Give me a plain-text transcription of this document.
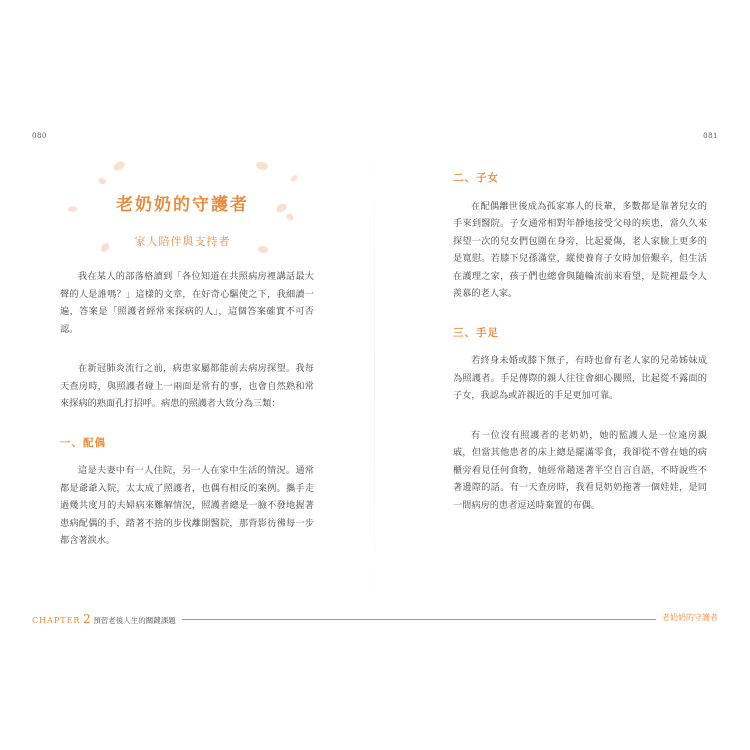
080	081
老奶奶的守護者
家人陪伴與支持者

我在某人的部落格讀到「各位知道在共照病房裡講話最大聲的人是誰嗎？」這樣的文章，在好奇心驅使之下，我細讀一遍，答案是「照護者經常來探病的人」，這個答案確實不可否認。

在新冠肺炎流行之前，病患家屬都能前去病房探望。我每天查房時，與照護者碰上一兩面是常有的事，也會自然熟和常來探病的熟面孔打招呼。病患的照護者大致分為三類：

一、配偶

這是夫妻中有一人住院，另一人在家中生活的情況。通常都是爺爺入院，太太成了照護者，也偶有相反的案例。攜手走過幾共度月的夫婦病來難解情況，照護者總是一臉不發地握著患病配偶的手，踏著不捨的步伐離開醫院，那背影彷彿每一步都含著淚水。

二、子女

在配偶離世後成為孤家寡人的長輩，多數都是靠著兒女的手來到醫院。子女通常相對年靜地接受父母的疾患，當久久來探望一次的兒女們包圍在身旁，比起憂傷，老人家臉上更多的是寬慰。若膝下兒孫滿堂，縱使養育子女時加倍艱辛，但生活在護理之家，孩子們也總會與隨輪流前來看望，是院裡最令人羨慕的老人家。

三、手足

若終身未婚或膝下無子，有時也會有老人家的兄弟姊妹成為照護者。手足傳際的親人往往會細心關照，比起從不露面的子女，我認為或許親近的手足更加可靠。

有一位沒有照護者的老奶奶，她的監護人是一位遠房親戚，但當其他患者的床上總是擺滿零食，我卻從不曾在她的病櫃旁看見任何食物，她經常趟迷著半空自言自語，不時說些不著邊際的話。有一天查房時，我看見奶奶拖著一個娃娃，是同一間病房的患者逗送時棄置的布偶。

CHAPTER 2 預習老後人生的關鍵課題	老奶奶的守護者
